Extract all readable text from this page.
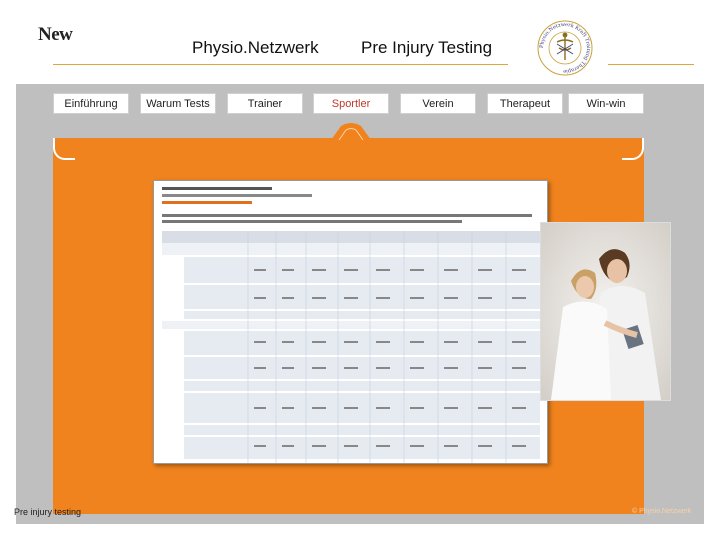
New
Physio.Netzwerk Pre Injury Testing	Physio.Netzwerk Kraft Training Therapie
Einführung	Warum Tests	Trainer	Sportler	Verein	Therapeut	Win-win
Pre injury testing	© Physio.Netzwerk
